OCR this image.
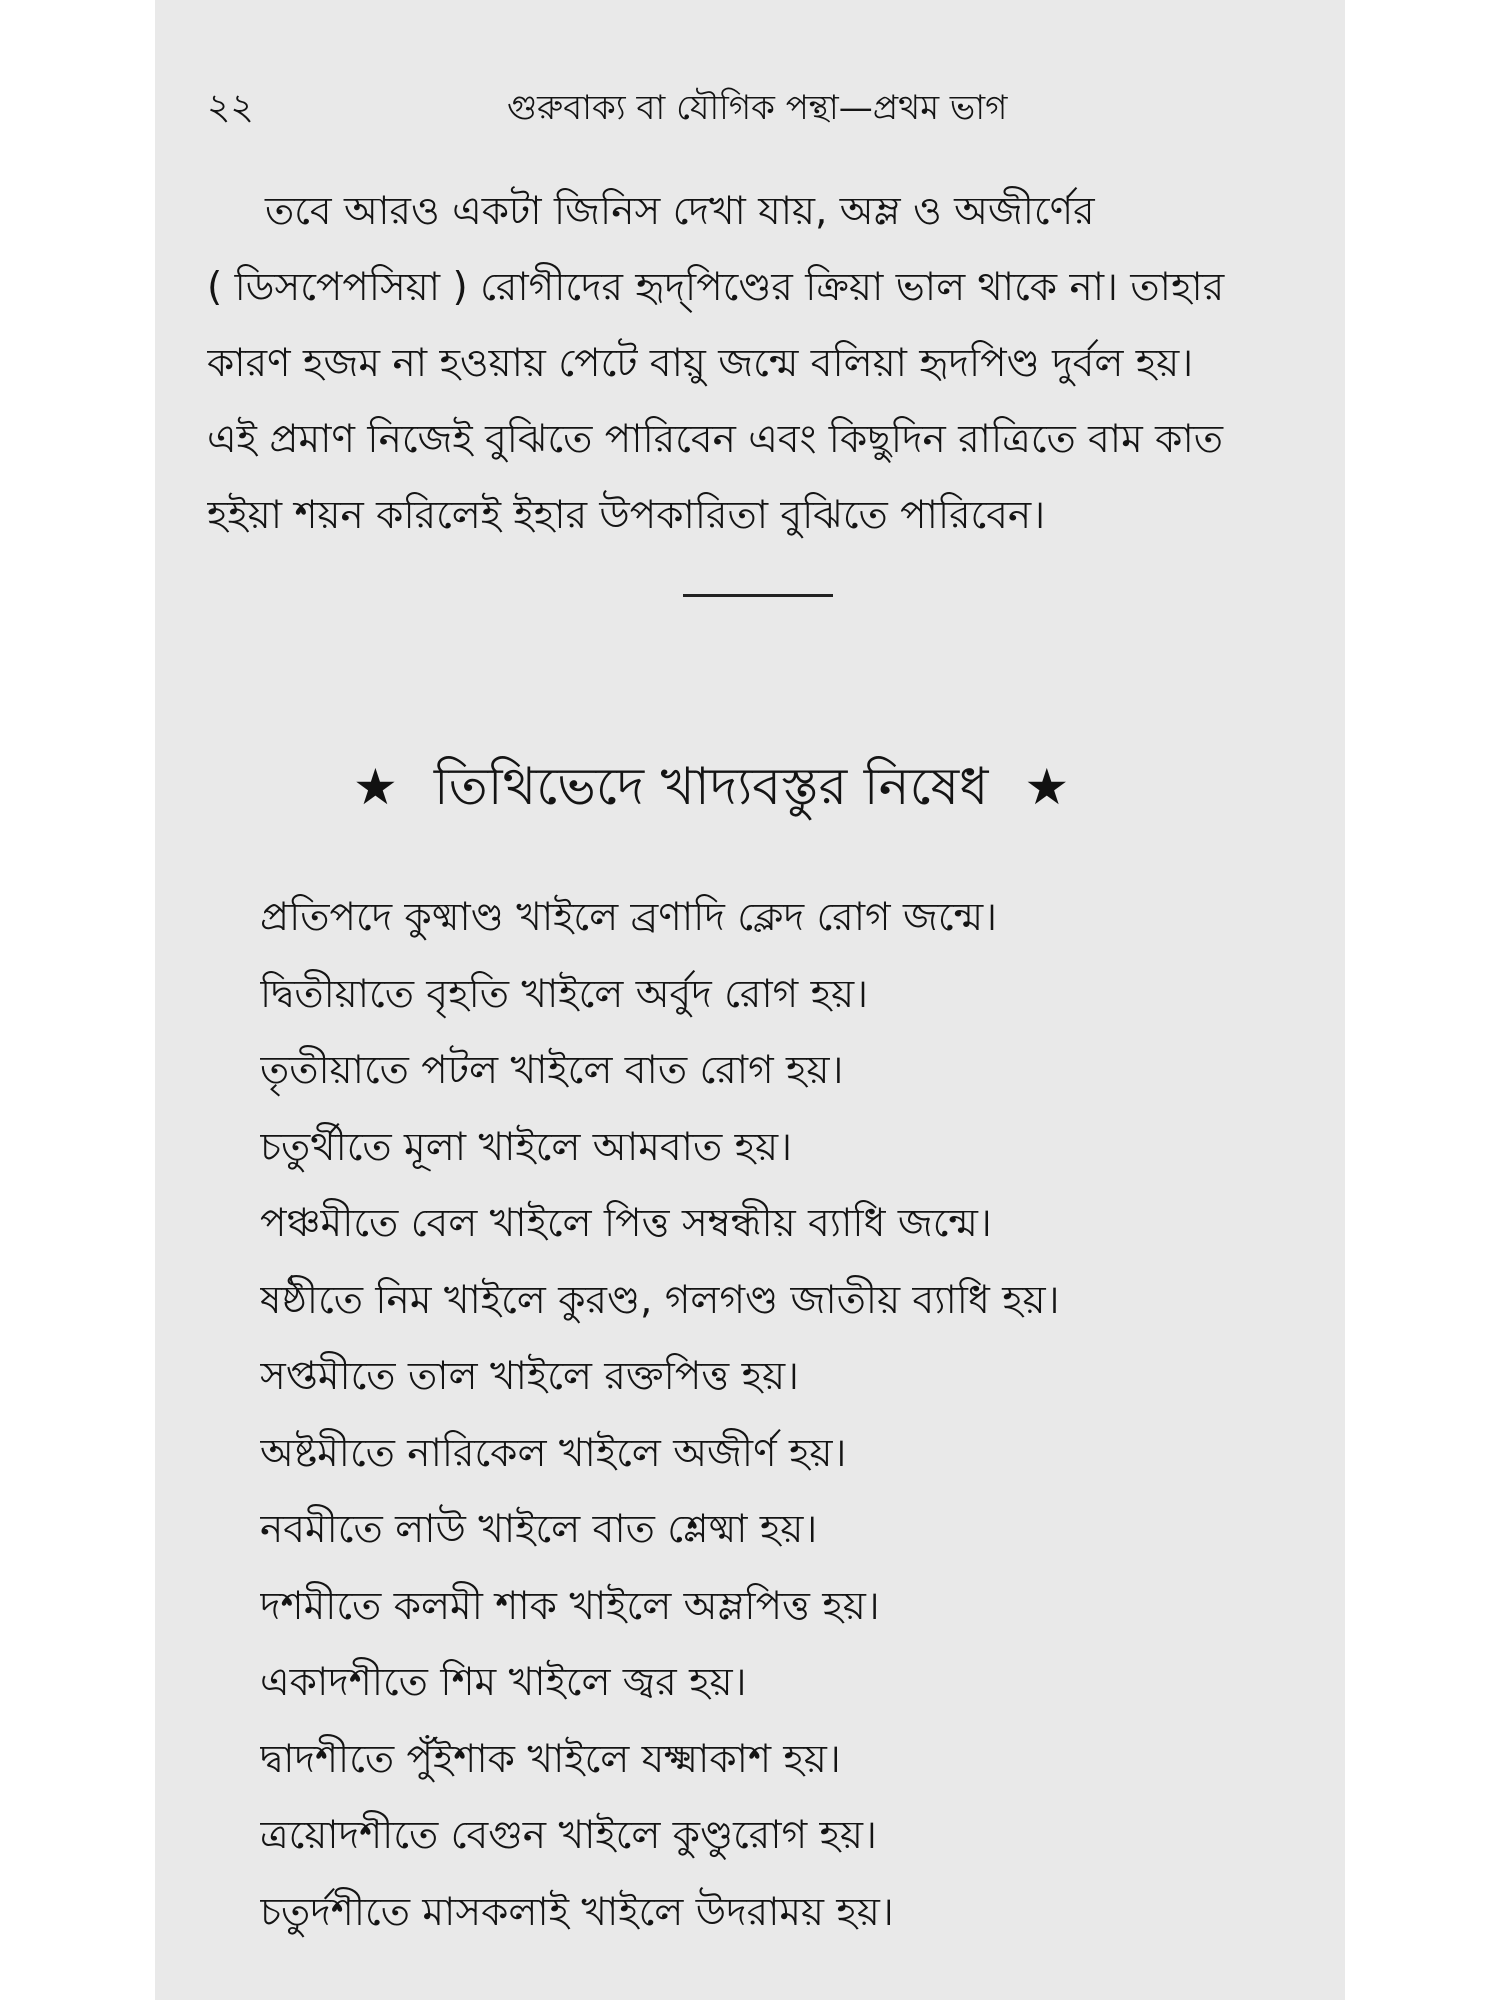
২২	গুরুবাক্য বা যৌগিক পন্থা—প্রথম ভাগ
তবে আরও একটা জিনিস দেখা যায়, অম্ল ও অজীর্ণের
( ডিসপেপসিয়া ) রোগীদের হৃদ্‌পিণ্ডের ক্রিয়া ভাল থাকে না। তাহার
কারণ হজম না হওয়ায় পেটে বায়ু জন্মে বলিয়া হৃদপিণ্ড দুর্বল হয়।
এই প্রমাণ নিজেই বুঝিতে পারিবেন এবং কিছুদিন রাত্রিতে বাম কাত
হইয়া শয়ন করিলেই ইহার উপকারিতা বুঝিতে পারিবেন।
★ তিথিভেদে খাদ্যবস্তুর নিষেধ ★
প্রতিপদে কুষ্মাণ্ড খাইলে ব্রণাদি ক্লেদ রোগ জন্মে।
দ্বিতীয়াতে বৃহতি খাইলে অর্বুদ রোগ হয়।
তৃতীয়াতে পটল খাইলে বাত রোগ হয়।
চতুর্থীতে মূলা খাইলে আমবাত হয়।
পঞ্চমীতে বেল খাইলে পিত্ত সম্বন্ধীয় ব্যাধি জন্মে।
ষষ্ঠীতে নিম খাইলে কুরণ্ড, গলগণ্ড জাতীয় ব্যাধি হয়।
সপ্তমীতে তাল খাইলে রক্তপিত্ত হয়।
অষ্টমীতে নারিকেল খাইলে অজীর্ণ হয়।
নবমীতে লাউ খাইলে বাত শ্লেষ্মা হয়।
দশমীতে কলমী শাক খাইলে অম্লপিত্ত হয়।
একাদশীতে শিম খাইলে জ্বর হয়।
দ্বাদশীতে পুঁইশাক খাইলে যক্ষ্মাকাশ হয়।
ত্রয়োদশীতে বেগুন খাইলে কুণ্ডুরোগ হয়।
চতুর্দশীতে মাসকলাই খাইলে উদরাময় হয়।
